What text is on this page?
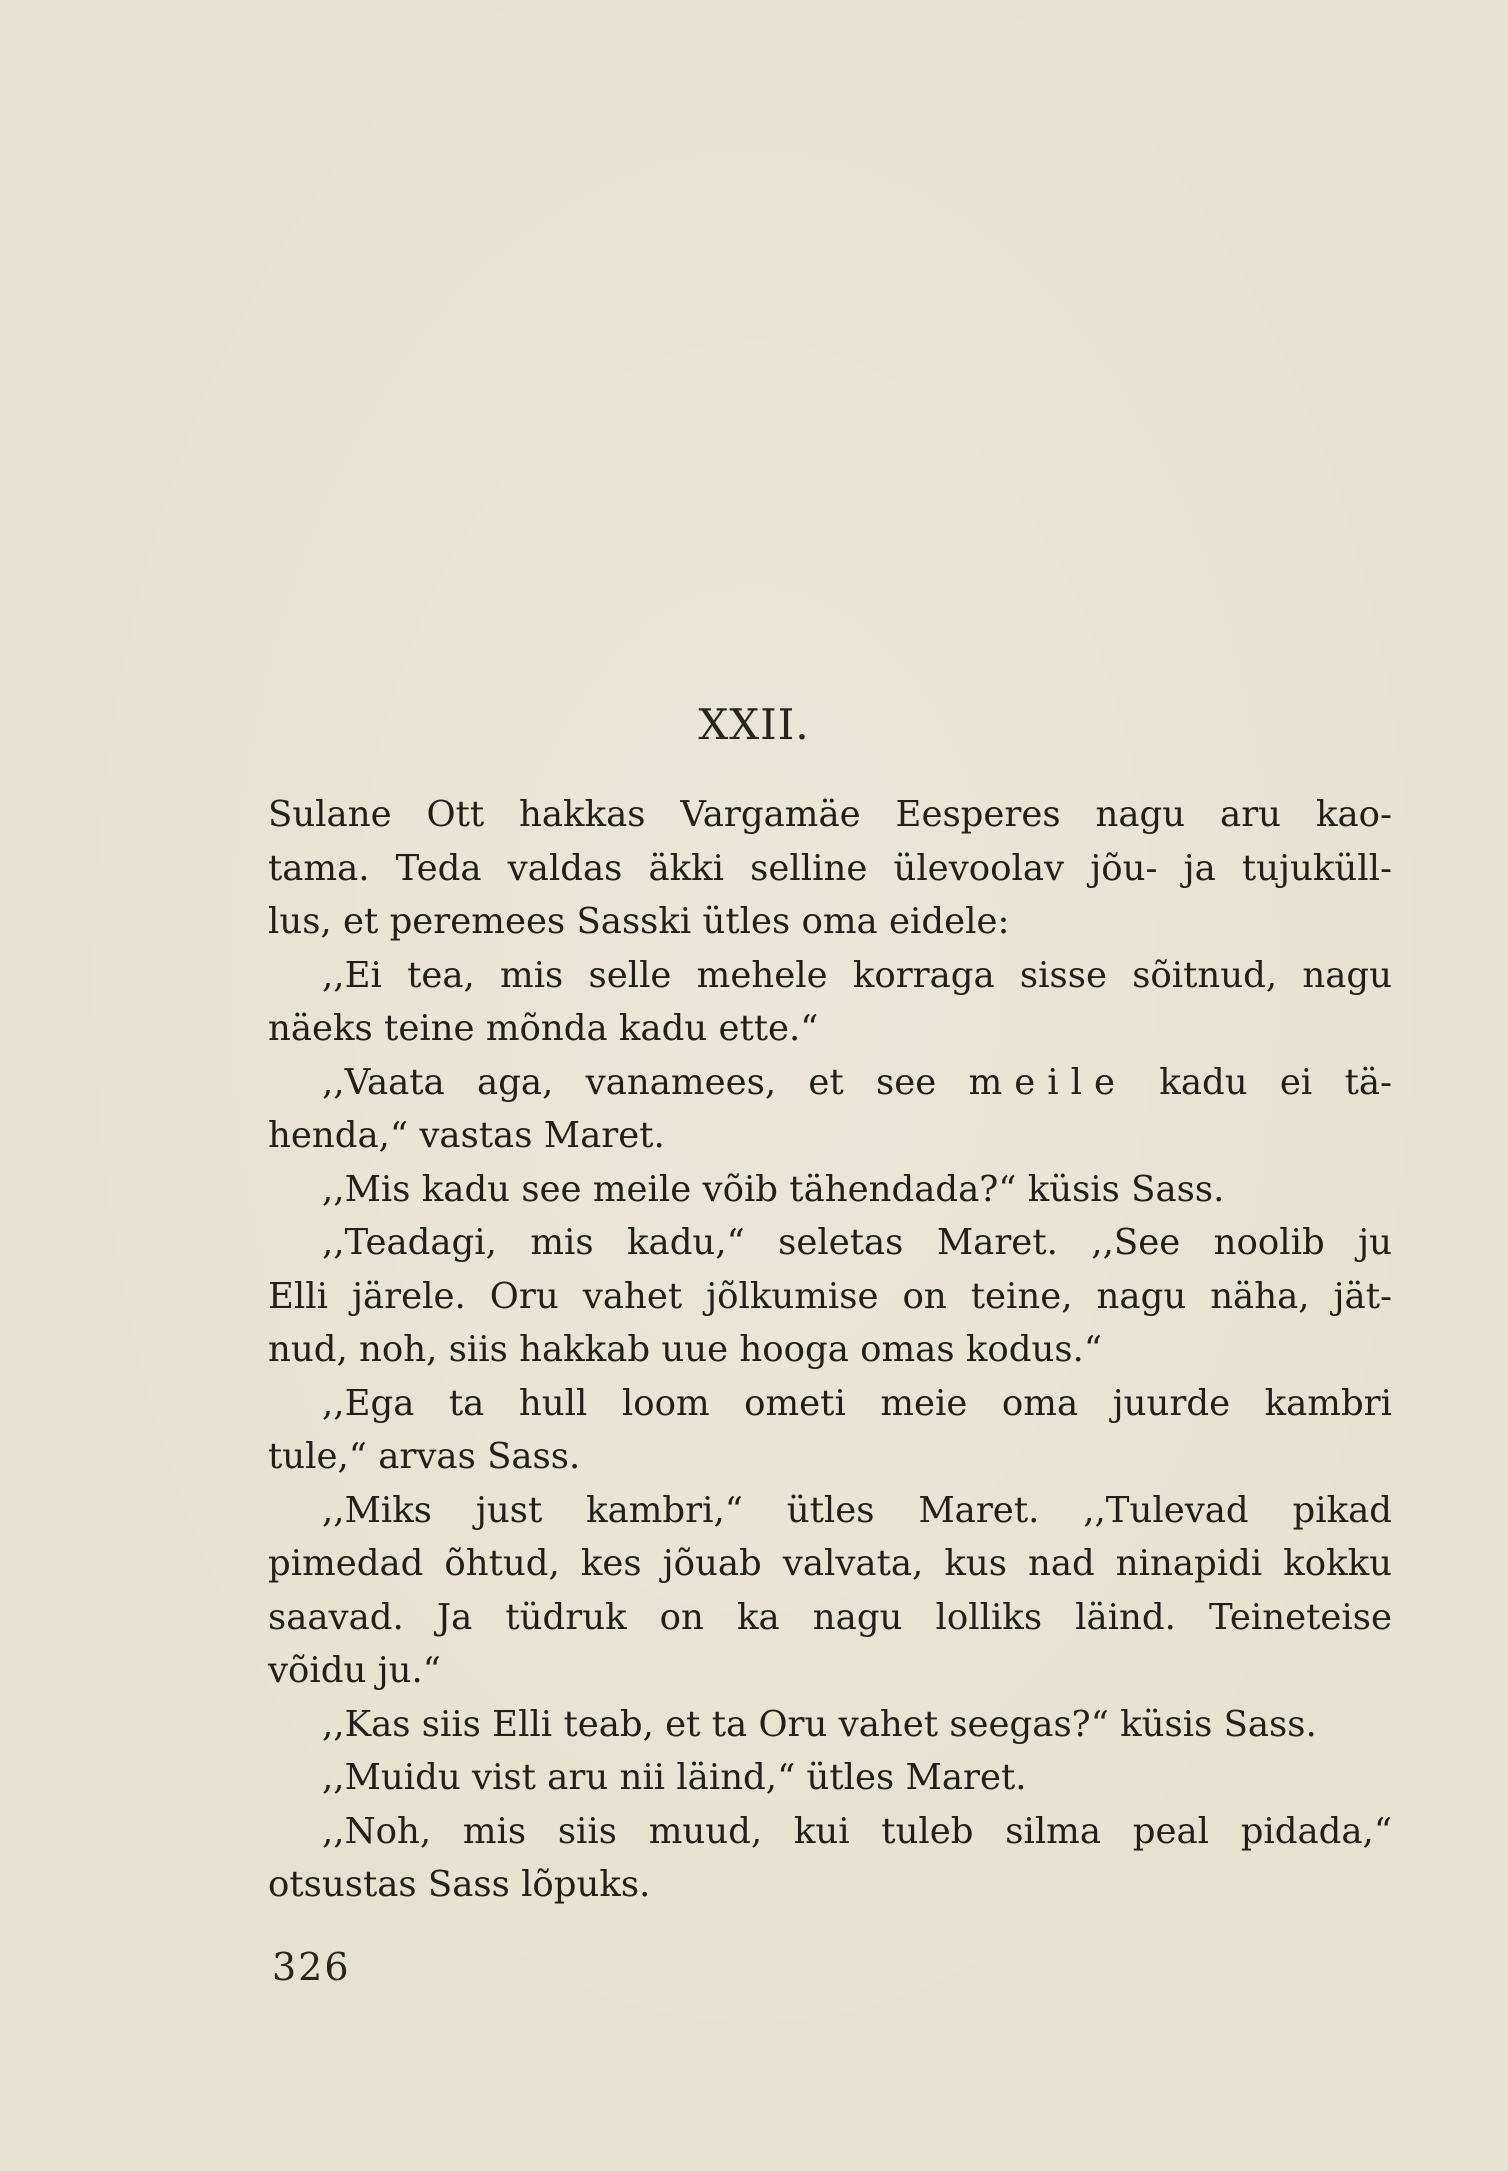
XXII.
Sulane Ott hakkas Vargamäe Eesperes nagu aru kao-
tama. Teda valdas äkki selline ülevoolav jõu- ja tujuküll-
lus, et peremees Sasski ütles oma eidele:
,,Ei tea, mis selle mehele korraga sisse sõitnud, nagu
näeks teine mõnda kadu ette.“
,,Vaata aga, vanamees, et see meile kadu ei tä-
henda,“ vastas Maret.
,,Mis kadu see meile võib tähendada?“ küsis Sass.
,,Teadagi, mis kadu,“ seletas Maret. ,,See noolib ju
Elli järele. Oru vahet jõlkumise on teine, nagu näha, jät-
nud, noh, siis hakkab uue hooga omas kodus.“
,,Ega ta hull loom ometi meie oma juurde kambri
tule,“ arvas Sass.
,,Miks just kambri,“ ütles Maret. ,,Tulevad pikad
pimedad õhtud, kes jõuab valvata, kus nad ninapidi kokku
saavad. Ja tüdruk on ka nagu lolliks läind. Teineteise
võidu ju.“
,,Kas siis Elli teab, et ta Oru vahet seegas?“ küsis Sass.
,,Muidu vist aru nii läind,“ ütles Maret.
,,Noh, mis siis muud, kui tuleb silma peal pidada,“
otsustas Sass lõpuks.
326
